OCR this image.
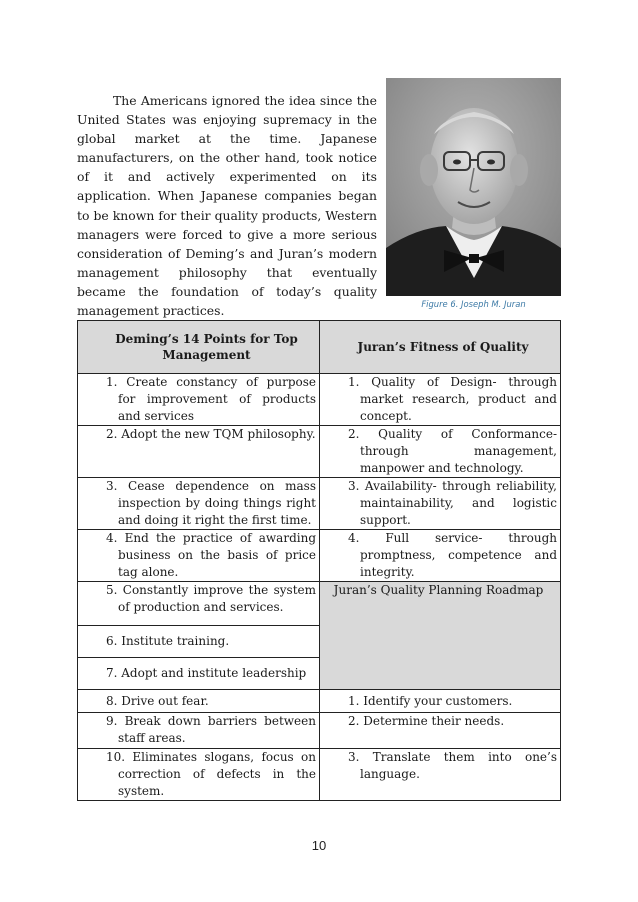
The Americans ignored the idea since the United States was enjoying supremacy in the global market at the time. Japanese manufacturers, on the other hand, took notice of it and actively experimented on its application. When Japanese companies began to be known for their quality products, Western managers were forced to give a more serious consideration of Deming’s and Juran’s modern management philosophy that eventually became the foundation of today’s quality management practices.	Figure 6. Joseph M. Juran
Deming’s 14 Points for Top Management	Juran’s Fitness of Quality

1. Create constancy of purpose for improvement of products and services	1. Quality of Design- through market research, product and concept.

2. Adopt the new TQM philosophy.	2. Quality of Conformance- through management, manpower and technology.

3. Cease dependence on mass inspection by doing things right and doing it right the first time.	3. Availability- through reliability, maintainability, and logistic support.

4. End the practice of awarding business on the basis of price tag alone.	4. Full service- through promptness, competence and integrity.

5. Constantly improve the system of production and services.	Juran’s Quality Planning Roadmap

6. Institute training.	

7. Adopt and institute leadership	

8. Drive out fear.	1. Identify your customers.

9. Break down barriers between staff areas.	2. Determine their needs.

10. Eliminates slogans, focus on correction of defects in the system.	3. Translate them into one’s language.
10
